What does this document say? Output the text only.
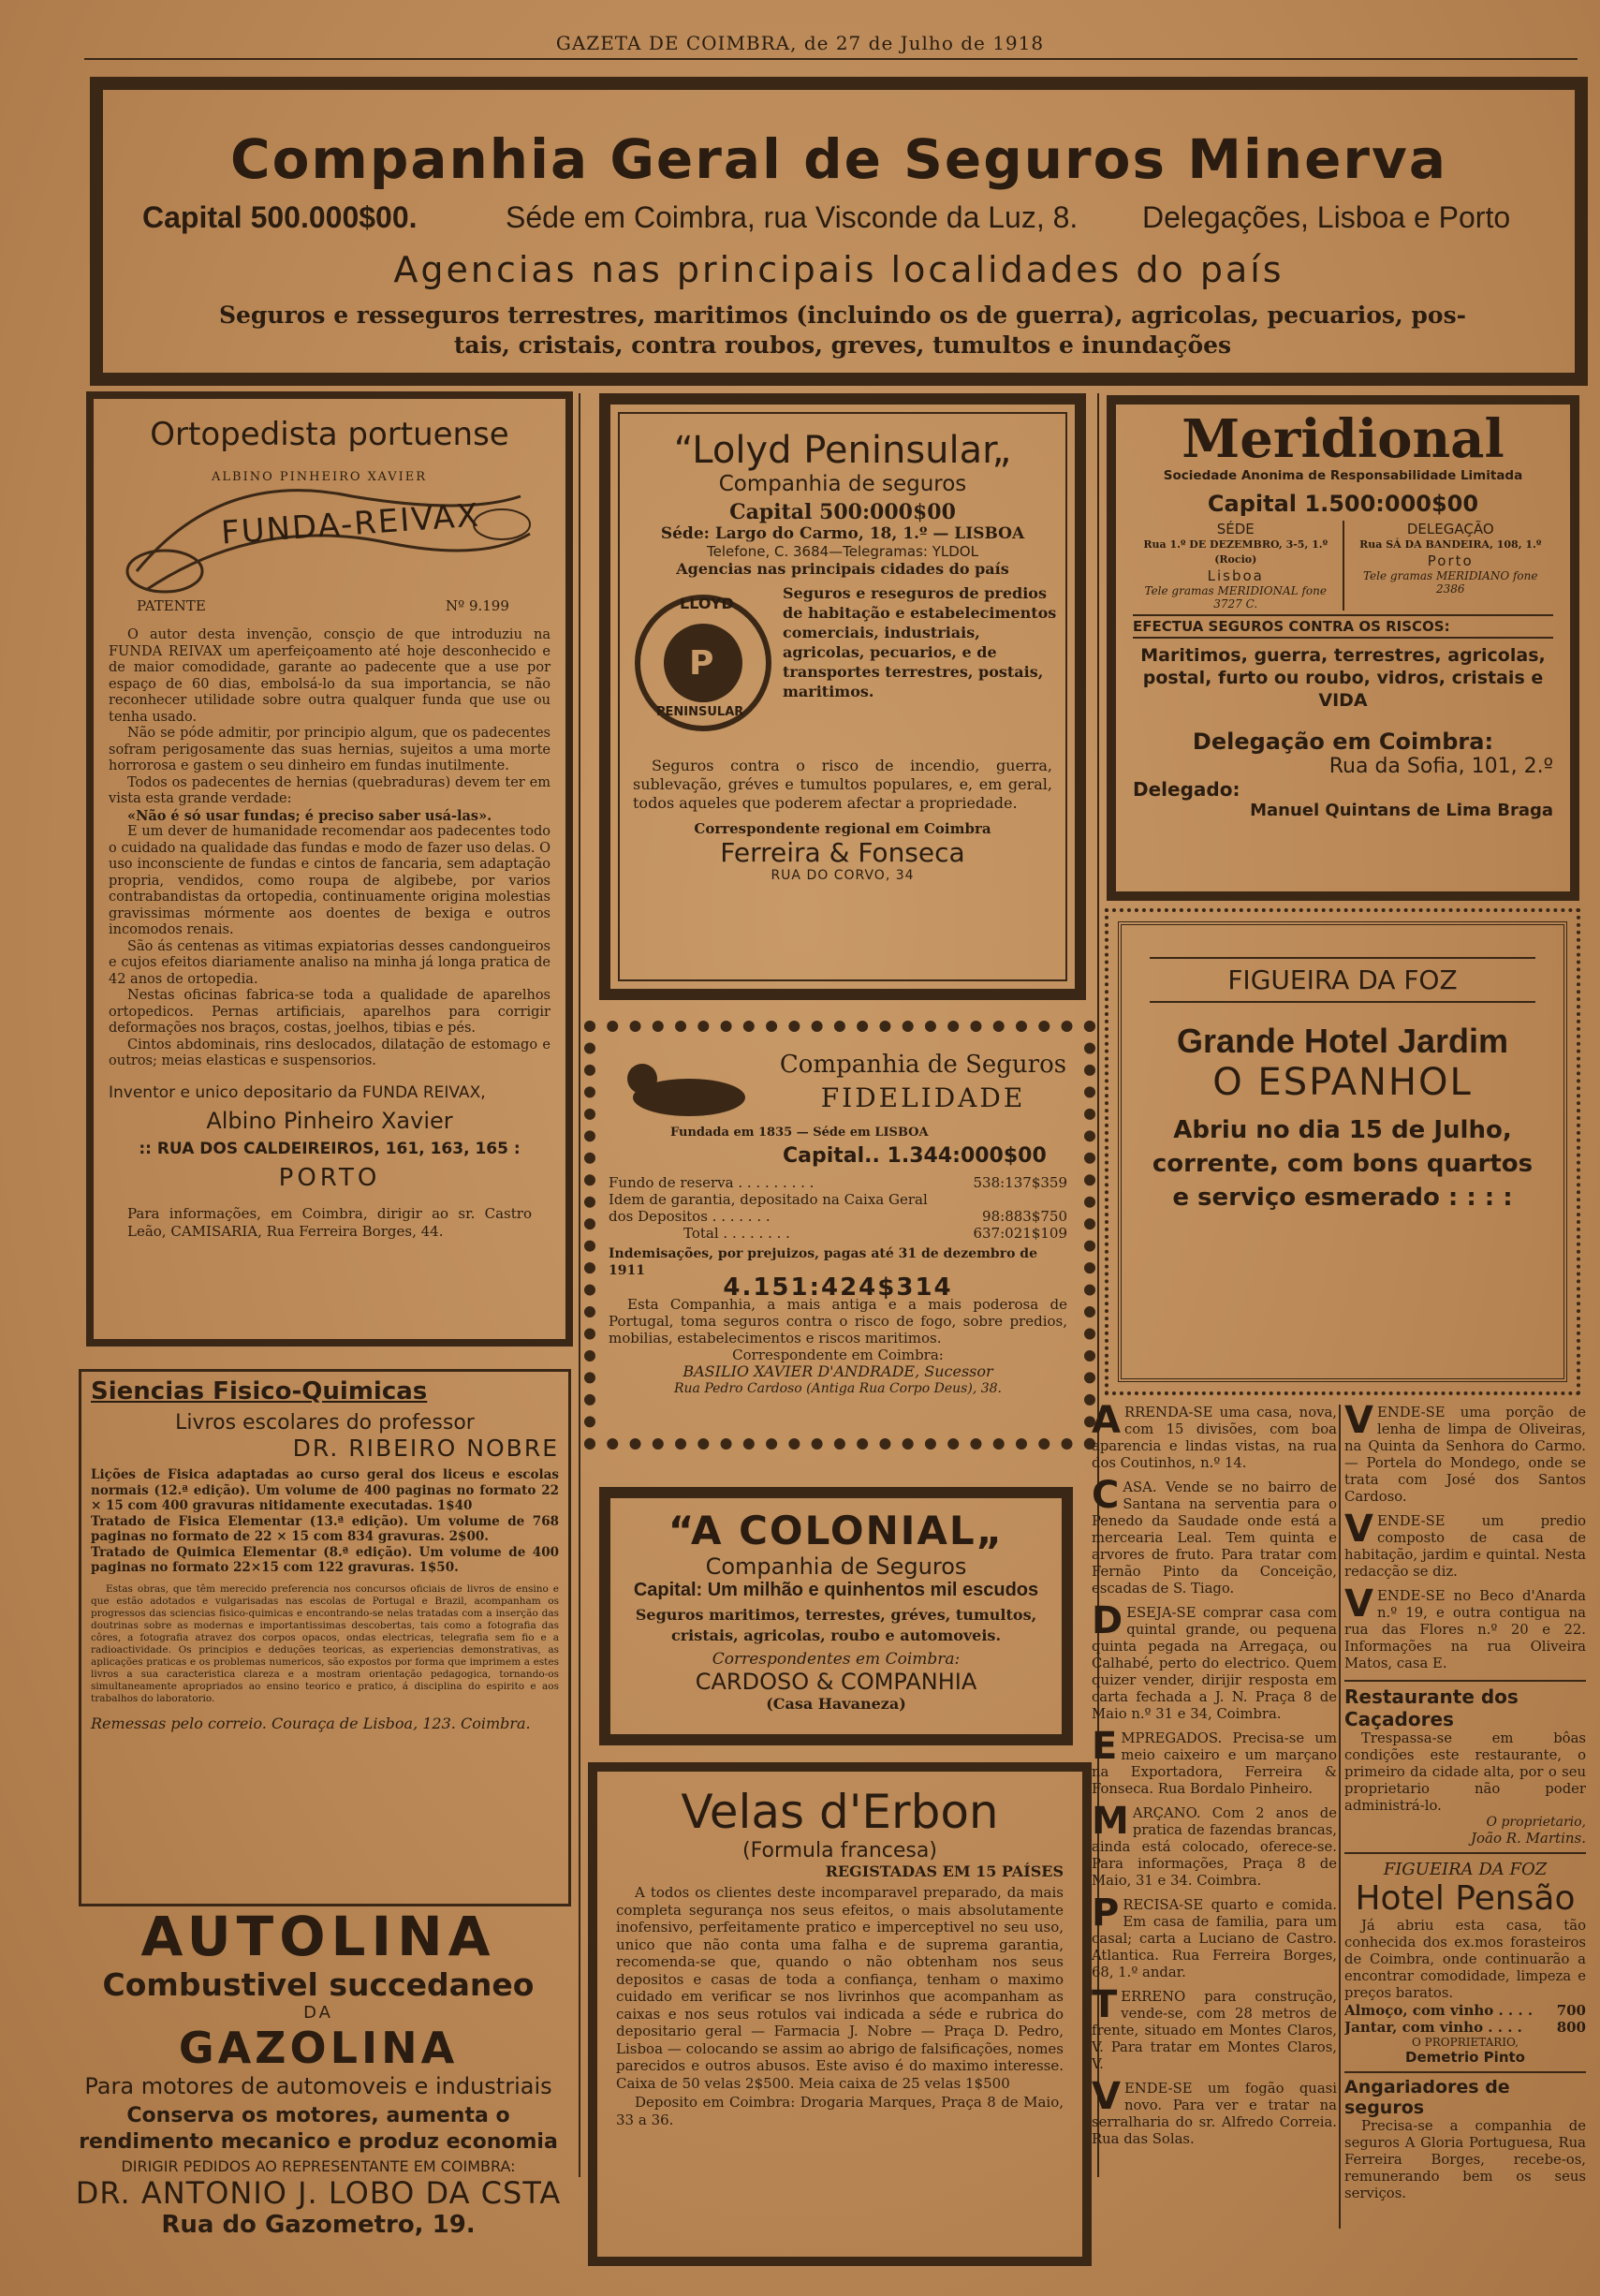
GAZETA DE COIMBRA, de 27 de Julho de 1918
Companhia Geral de Seguros Minerva
Capital 500.000$00.	Séde em Coimbra, rua Visconde da Luz, 8. Delegações, Lisboa e Porto
Agencias nas principais localidades do país
Seguros e resseguros terrestres, maritimos (incluindo os de guerra), agricolas, pecuarios, pos-
tais, cristais, contra roubos, greves, tumultos e inundações
Ortopedista portuense
ALBINO PINHEIRO XAVIER
FUNDA-REIVAX
PATENTE	Nº 9.199

O autor desta invenção, consçio de que introduziu na FUNDA REIVAX um aperfeiçoamento até hoje desconhecido e de maior comodidade, garante ao padecente que a use por espaço de 60 dias, embolsá-lo da sua importancia, se não reconhecer utilidade sobre outra qualquer funda que use ou tenha usado.

Não se póde admitir, por principio algum, que os padecentes sofram perigosamente das suas hernias, sujeitos a uma morte horrorosa e gastem o seu dinheiro em fundas inutilmente.

Todos os padecentes de hernias (quebraduras) devem ter em vista esta grande verdade:

«Não é só usar fundas; é preciso saber usá-las».

E um dever de humanidade recomendar aos padecentes todo o cuidado na qualidade das fundas e modo de fazer uso delas. O uso inconsciente de fundas e cintos de fancaria, sem adaptação propria, vendidos, como roupa de algibebe, por varios contrabandistas da ortopedia, continuamente origina molestias gravissimas mórmente aos doentes de bexiga e outros incomodos renais.

São ás centenas as vitimas expiatorias desses candongueiros e cujos efeitos diariamente analiso na minha já longa pratica de 42 anos de ortopedia.

Nestas oficinas fabrica-se toda a qualidade de aparelhos ortopedicos. Pernas artificiais, aparelhos para corrigir deformações nos braços, costas, joelhos, tibias e pés.

Cintos abdominais, rins deslocados, dilatação de estomago e outros; meias elasticas e suspensorios.

Inventor e unico depositario da FUNDA REIVAX,
Albino Pinheiro Xavier
:: RUA DOS CALDEIREIROS, 161, 163, 165 :
PORTO
Para informações, em Coimbra, dirigir ao sr. Castro Leão, CAMISARIA, Rua Ferreira Borges, 44.
“Lolyd Peninsular„
Companhia de seguros
Capital 500:000$00
Séde: Largo do Carmo, 18, 1.º — LISBOA
Telefone, C. 3684—Telegramas: YLDOL
Agencias nas principais cidades do país
LLOYD
P
PENINSULAR
Seguros e reseguros de predios de habitação e estabelecimentos comerciais, industriais, agricolas, pecuarios, e de transportes terrestres, postais, maritimos.
Seguros contra o risco de incendio, guerra, sublevação, gréves e tumultos populares, e, em geral, todos aqueles que poderem afectar a propriedade.
Correspondente regional em Coimbra
Ferreira & Fonseca
RUA DO CORVO, 34
Meridional
Sociedade Anonima de Responsabilidade Limitada
Capital 1.500:000$00
SÉDE
Rua 1.º DE DEZEMBRO, 3-5, 1.º (Rocio)
Lisboa
Tele gramas MERIDIONAL fone 3727 C.
DELEGAÇÃO
Rua SÁ DA BANDEIRA, 108, 1.º
Porto
Tele gramas MERIDIANO fone 2386
EFECTUA SEGUROS CONTRA OS RISCOS:
Maritimos, guerra, terrestres, agricolas, postal, furto ou roubo, vidros, cristais e VIDA
Delegação em Coimbra:
Rua da Sofia, 101, 2.º
Delegado:
Manuel Quintans de Lima Braga
FIGUEIRA DA FOZ
Grande Hotel Jardim
O ESPANHOL
Abriu no dia 15 de Julho, corrente, com bons quartos e serviço esmerado : : : :
Companhia de Seguros
FIDELIDADE
Fundada em 1835 — Séde em LISBOA
Capital.. 1.344:000$00
Fundo de reserva . . . . . . . . .	538:137$359
Idem de garantia, depositado na Caixa Geral dos Depositos . . . . . . .	98:883$750
Total . . . . . . . .	637:021$109
Indemisações, por prejuizos, pagas até 31 de dezembro de 1911
4.151:424$314
Esta Companhia, a mais antiga e a mais poderosa de Portugal, toma seguros contra o risco de fogo, sobre predios, mobilias, estabelecimentos e riscos maritimos.
Correspondente em Coimbra:
BASILIO XAVIER D'ANDRADE, Sucessor
Rua Pedro Cardoso (Antiga Rua Corpo Deus), 38.
Siencias Fisico-Quimicas
Livros escolares do professor
DR. RIBEIRO NOBRE

Lições de Fisica adaptadas ao curso geral dos liceus e escolas normais (12.ª edição). Um volume de 400 paginas no formato 22 × 15 com 400 gravuras nitidamente executadas. 1$40

Tratado de Fisica Elementar (13.ª edição). Um volume de 768 paginas no formato de 22 × 15 com 834 gravuras. 2$00.

Tratado de Quimica Elementar (8.ª edição). Um volume de 400 paginas no formato 22×15 com 122 gravuras. 1$50.

Estas obras, que têm merecido preferencia nos concursos oficiais de livros de ensino e que estão adotados e vulgarisadas nas escolas de Portugal e Brazil, acompanham os progressos das sciencias fisico-quimicas e encontrando-se nelas tratadas com a inserção das doutrinas sobre as modernas e importantissimas descobertas, tais como a fotografia das côres, a fotografia atravez dos corpos opacos, ondas electricas, telegrafia sem fio e a radioactividade. Os principios e deduções teoricas, as experiencias demonstrativas, as aplicações praticas e os problemas numericos, são expostos por forma que imprimem a estes livros a sua caracteristica clareza e a mostram orientação pedagogica, tornando-os simultaneamente apropriados ao ensino teorico e pratico, á disciplina do espirito e aos trabalhos do laboratorio.
Remessas pelo correio. Couraça de Lisboa, 123. Coimbra.
“A COLONIAL„
Companhia de Seguros
Capital: Um milhão e quinhentos mil escudos
Seguros maritimos, terrestes, gréves, tumultos, cristais, agricolas, roubo e automoveis.
Correspondentes em Coimbra:
CARDOSO & COMPANHIA
(Casa Havaneza)
AUTOLINA
Combustivel succedaneo
DA
GAZOLINA
Para motores de automoveis e industriais
Conserva os motores, aumenta o rendimento mecanico e produz economia
DIRIGIR PEDIDOS AO REPRESENTANTE EM COIMBRA:
DR. ANTONIO J. LOBO DA CSTA
Rua do Gazometro, 19.
Velas d'Erbon
(Formula francesa)
REGISTADAS EM 15 PAÍSES
A todos os clientes deste incomparavel preparado, da mais completa segurança nos seus efeitos, o mais absolutamente inofensivo, perfeitamente pratico e imperceptivel no seu uso, unico que não conta uma falha e de suprema garantia, recomenda-se que, quando o não obtenham nos seus depositos e casas de toda a confiança, tenham o maximo cuidado em verificar se nos livrinhos que acompanham as caixas e nos seus rotulos vai indicada a séde e rubrica do depositario geral — Farmacia J. Nobre — Praça D. Pedro, Lisboa — colocando se assim ao abrigo de falsificações, nomes parecidos e outros abusos. Este aviso é do maximo interesse. Caixa de 50 velas 2$500. Meia caixa de 25 velas 1$500
Deposito em Coimbra: Drogaria Marques, Praça 8 de Maio, 33 a 36.
ARRENDA-SE uma casa, nova, com 15 divisões, com boa aparencia e lindas vistas, na rua dos Coutinhos, n.º 14.
CASA. Vende se no bairro de Santana na serventia para o Penedo da Saudade onde está a mercearia Leal. Tem quinta e arvores de fruto. Para tratar com Fernão Pinto da Conceição, escadas de S. Tiago.
DESEJA-SE comprar casa com quintal grande, ou pequena quinta pegada na Arregaça, ou Calhabé, perto do electrico. Quem quizer vender, dirijir resposta em carta fechada a J. N. Praça 8 de Maio n.º 31 e 34, Coimbra.
EMPREGADOS. Precisa-se um meio caixeiro e um marçano na Exportadora, Ferreira & Fonseca. Rua Bordalo Pinheiro.
MARÇANO. Com 2 anos de pratica de fazendas brancas, ainda está colocado, oferece-se. Para informações, Praça 8 de Maio, 31 e 34. Coimbra.
PRECISA-SE quarto e comida. Em casa de familia, para um casal; carta a Luciano de Castro. Atlantica. Rua Ferreira Borges, 68, 1.º andar.
TERRENO para construção, vende-se, com 28 metros de frente, situado em Montes Claros, V. Para tratar em Montes Claros, V.
VENDE-SE um fogão quasi novo. Para ver e tratar na serralharia do sr. Alfredo Correia. Rua das Solas.
VENDE-SE uma porção de lenha de limpa de Oliveiras, na Quinta da Senhora do Carmo. — Portela do Mondego, onde se trata com José dos Santos Cardoso.
VENDE-SE um predio composto de casa de habitação, jardim e quintal. Nesta redacção se diz.
VENDE-SE no Beco d'Anarda n.º 19, e outra contigua na rua das Flores n.º 20 e 22. Informações na rua Oliveira Matos, casa E.
Restaurante dos Caçadores
Trespassa-se em bôas condições este restaurante, o primeiro da cidade alta, por o seu proprietario não poder administrá-lo.
O proprietario,
João R. Martins.
FIGUEIRA DA FOZ
Hotel Pensão
Já abriu esta casa, tão conhecida dos ex.mos forasteiros de Coimbra, onde continuarão a encontrar comodidade, limpeza e preços baratos.
Almoço, com vinho . . . . 700
Jantar, com vinho . . . . 800
O PROPRIETARIO,
Demetrio Pinto
Angariadores de seguros
Precisa-se a companhia de seguros A Gloria Portuguesa, Rua Ferreira Borges, recebe-os, remunerando bem os seus serviços.
